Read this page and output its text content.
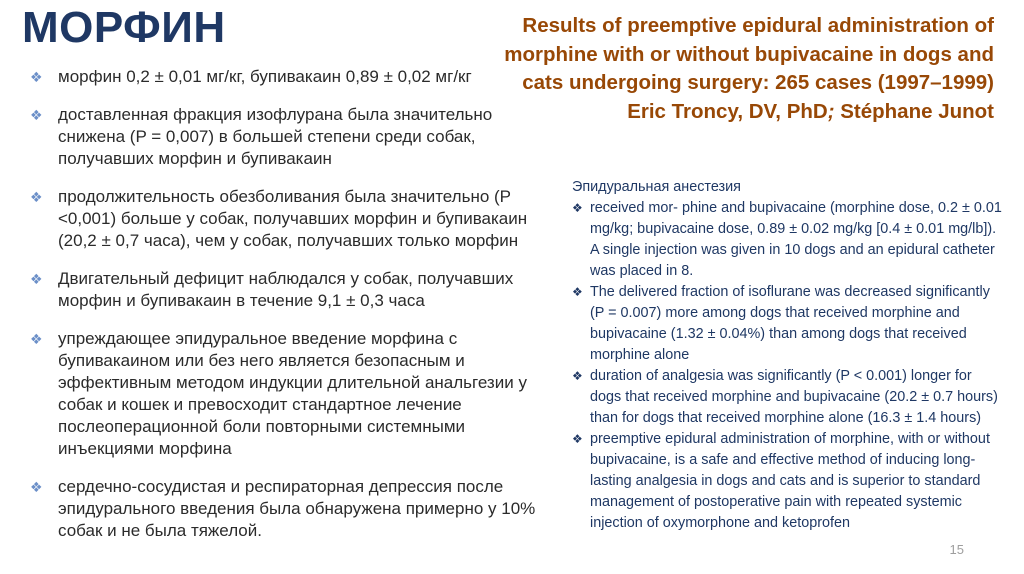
МОРФИН	Results of preemptive epidural administration of morphine with or without bupivacaine in dogs and cats undergoing surgery: 265 cases (1997–1999)
Eric Troncy, DV, PhD; Stéphane Junot
❖ морфин 0,2 ± 0,01 мг/кг, бупивакаин 0,89 ± 0,02 мг/кг
❖ доставленная фракция изофлурана была значительно снижена (P = 0,007) в большей степени среди собак, получавших морфин и бупивакаин
❖ продолжительность обезболивания была значительно (P <0,001) больше у собак, получавших морфин и бупивакаин (20,2 ± 0,7 часа), чем у собак, получавших только морфин
❖ Двигательный дефицит наблюдался у собак, получавших морфин и бупивакаин в течение 9,1 ± 0,3 часа
❖ упреждающее эпидуральное введение морфина с бупивакаином или без него является безопасным и эффективным методом индукции длительной анальгезии у собак и кошек и превосходит стандартное лечение послеоперационной боли повторными системными инъекциями морфина
❖ сердечно-сосудистая и респираторная депрессия после эпидурального введения была обнаружена примерно у 10% собак и не была тяжелой.
Эпидуральная анестезия
❖ received mor- phine and bupivacaine (morphine dose, 0.2 ± 0.01 mg/kg; bupivacaine dose, 0.89 ± 0.02 mg/kg [0.4 ± 0.01 mg/lb]). A single injection was given in 10 dogs and an epidural catheter was placed in 8.
❖ The delivered fraction of isoflurane was decreased significantly (P = 0.007) more among dogs that received morphine and bupivacaine (1.32 ± 0.04%) than among dogs that received morphine alone
❖ duration of analgesia was significantly (P < 0.001) longer for dogs that received morphine and bupivacaine (20.2 ± 0.7 hours) than for dogs that received morphine alone (16.3 ± 1.4 hours)
❖ preemptive epidural administration of morphine, with or without bupivacaine, is a safe and effective method of inducing long-lasting analgesia in dogs and cats and is superior to standard management of postoperative pain with repeated systemic injection of oxymorphone and ketoprofen
15
